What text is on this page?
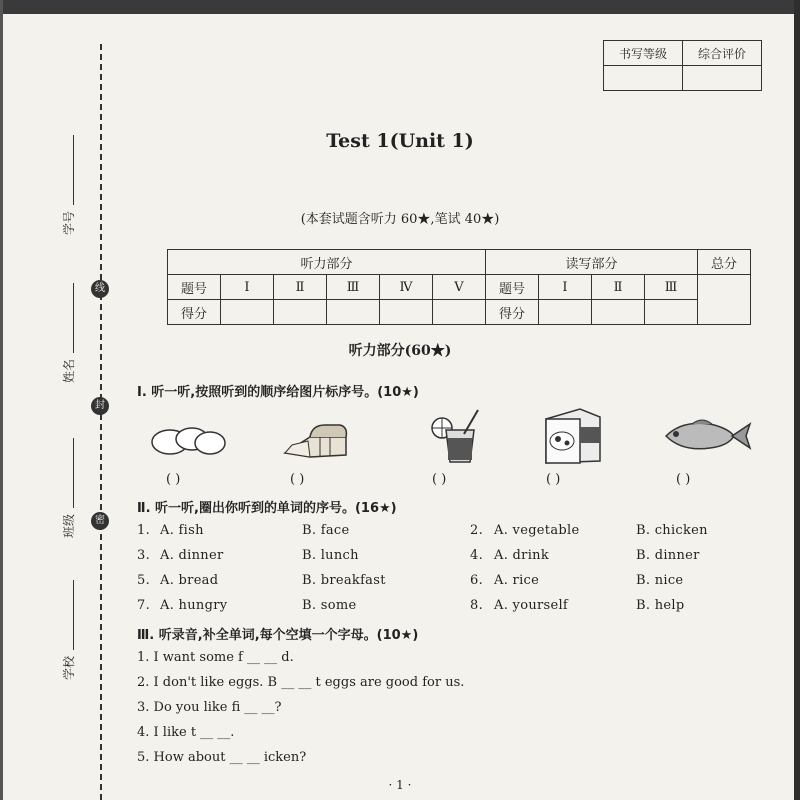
线
封
密
学号
姓名
班级
学校
书写等级	综合评价

Test 1(Unit 1)
(本套试题含听力 60★,笔试 40★)
听力部分						读写部分				总分
题号	Ⅰ	Ⅱ	Ⅲ	Ⅳ	Ⅴ	题号	Ⅰ	Ⅱ	Ⅲ	
得分						得分				
听力部分(60★)
Ⅰ. 听一听,按照听到的顺序给图片标序号。(10★)
( )	( )	( )	( )	( )
Ⅱ. 听一听,圈出你听到的单词的序号。(16★)
1. A. fish	B. face	2. A. vegetable	B. chicken
3. A. dinner	B. lunch	4. A. drink	B. dinner
5. A. bread	B. breakfast	6. A. rice	B. nice
7. A. hungry	B. some	8. A. yourself	B. help
Ⅲ. 听录音,补全单词,每个空填一个字母。(10★)
1. I want some f __ __ d.
2. I don't like eggs. B __ __ t eggs are good for us.
3. Do you like fi __ __?
4. I like t __ __.
5. How about __ __ icken?
· 1 ·
